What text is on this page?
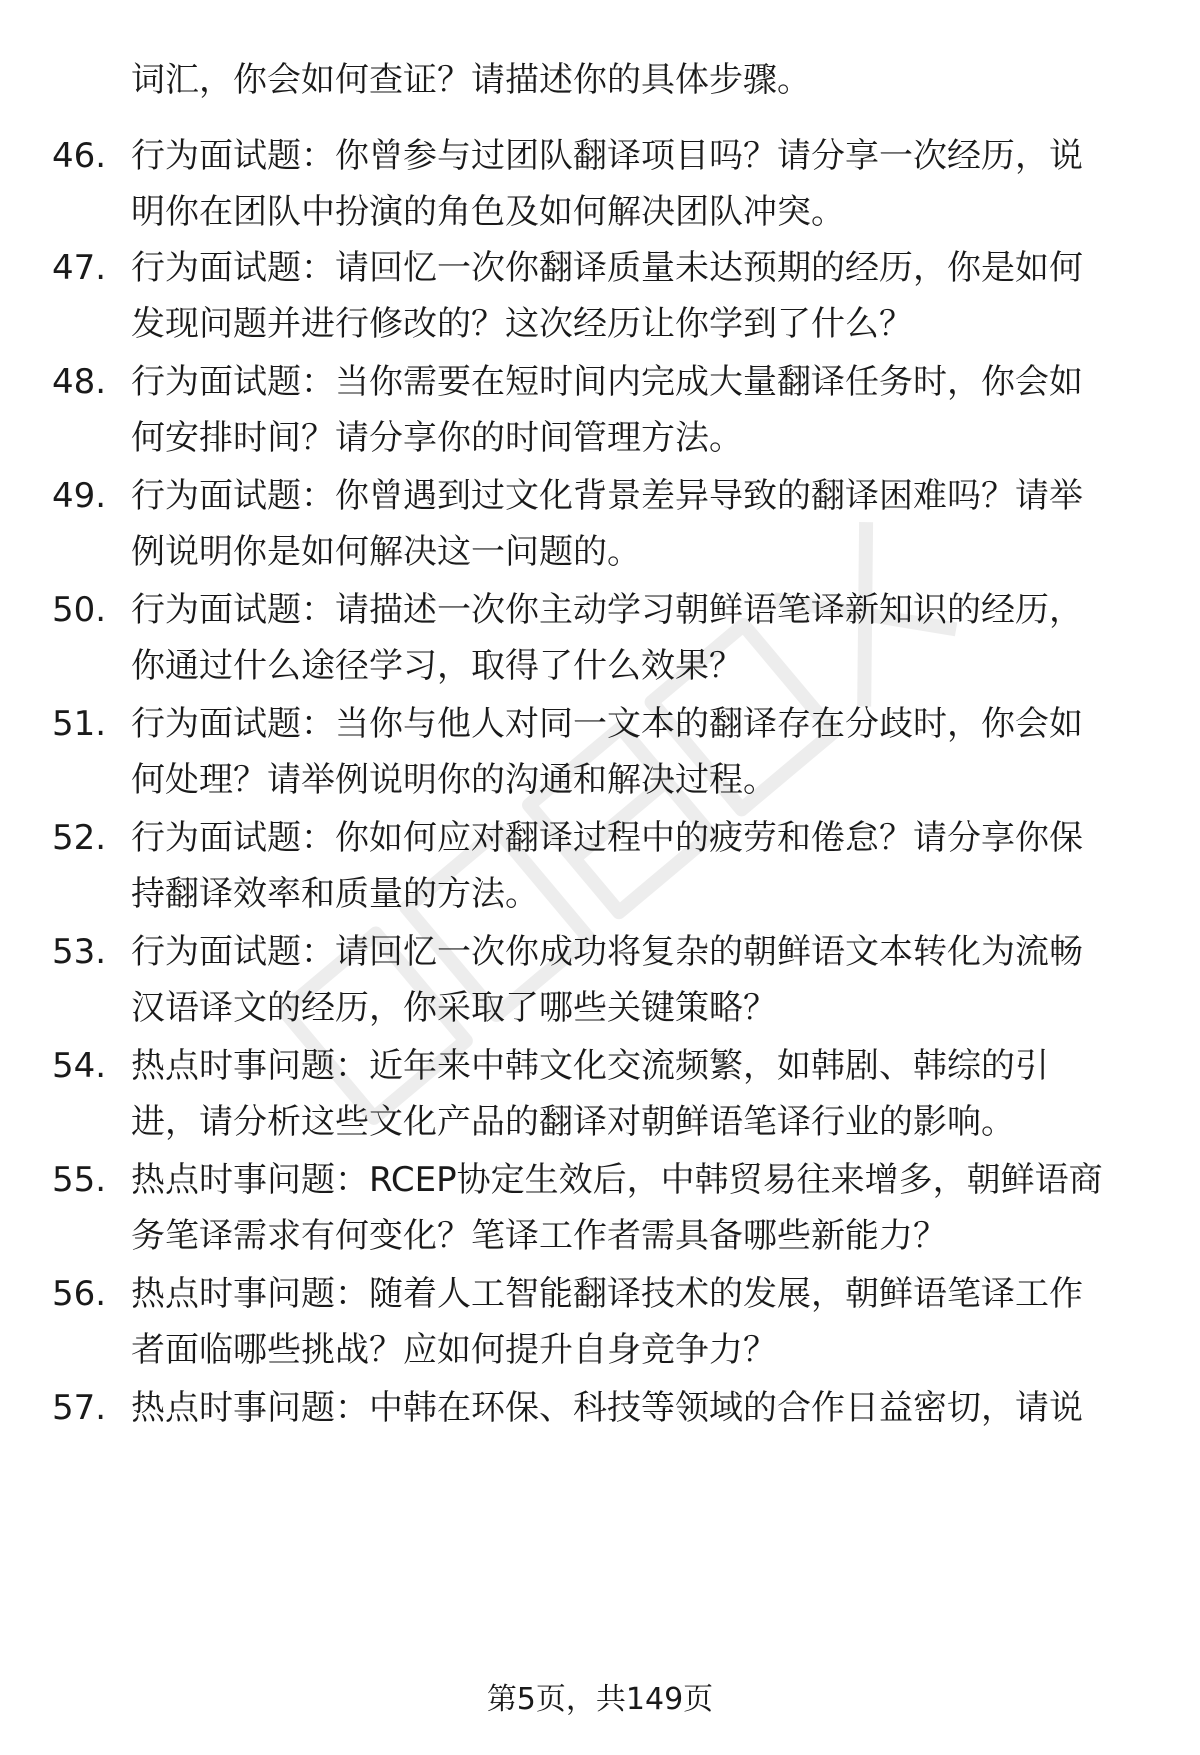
词汇，你会如何查证？请描述你的具体步骤。
46. 行为面试题：你曾参与过团队翻译项目吗？请分享一次经历，说
明你在团队中扮演的角色及如何解决团队冲突。
47. 行为面试题：请回忆一次你翻译质量未达预期的经历，你是如何
发现问题并进行修改的？这次经历让你学到了什么？
48. 行为面试题：当你需要在短时间内完成大量翻译任务时，你会如
何安排时间？请分享你的时间管理方法。
49. 行为面试题：你曾遇到过文化背景差异导致的翻译困难吗？请举
例说明你是如何解决这一问题的。
50. 行为面试题：请描述一次你主动学习朝鲜语笔译新知识的经历，
你通过什么途径学习，取得了什么效果？
51. 行为面试题：当你与他人对同一文本的翻译存在分歧时，你会如
何处理？请举例说明你的沟通和解决过程。
52. 行为面试题：你如何应对翻译过程中的疲劳和倦怠？请分享你保
持翻译效率和质量的方法。
53. 行为面试题：请回忆一次你成功将复杂的朝鲜语文本转化为流畅
汉语译文的经历，你采取了哪些关键策略？
54. 热点时事问题：近年来中韩文化交流频繁，如韩剧、韩综的引
进，请分析这些文化产品的翻译对朝鲜语笔译行业的影响。
55. 热点时事问题：RCEP协定生效后，中韩贸易往来增多，朝鲜语商
务笔译需求有何变化？笔译工作者需具备哪些新能力？
56. 热点时事问题：随着人工智能翻译技术的发展，朝鲜语笔译工作
者面临哪些挑战？应如何提升自身竞争力？
57. 热点时事问题：中韩在环保、科技等领域的合作日益密切，请说
第5页，共149页
